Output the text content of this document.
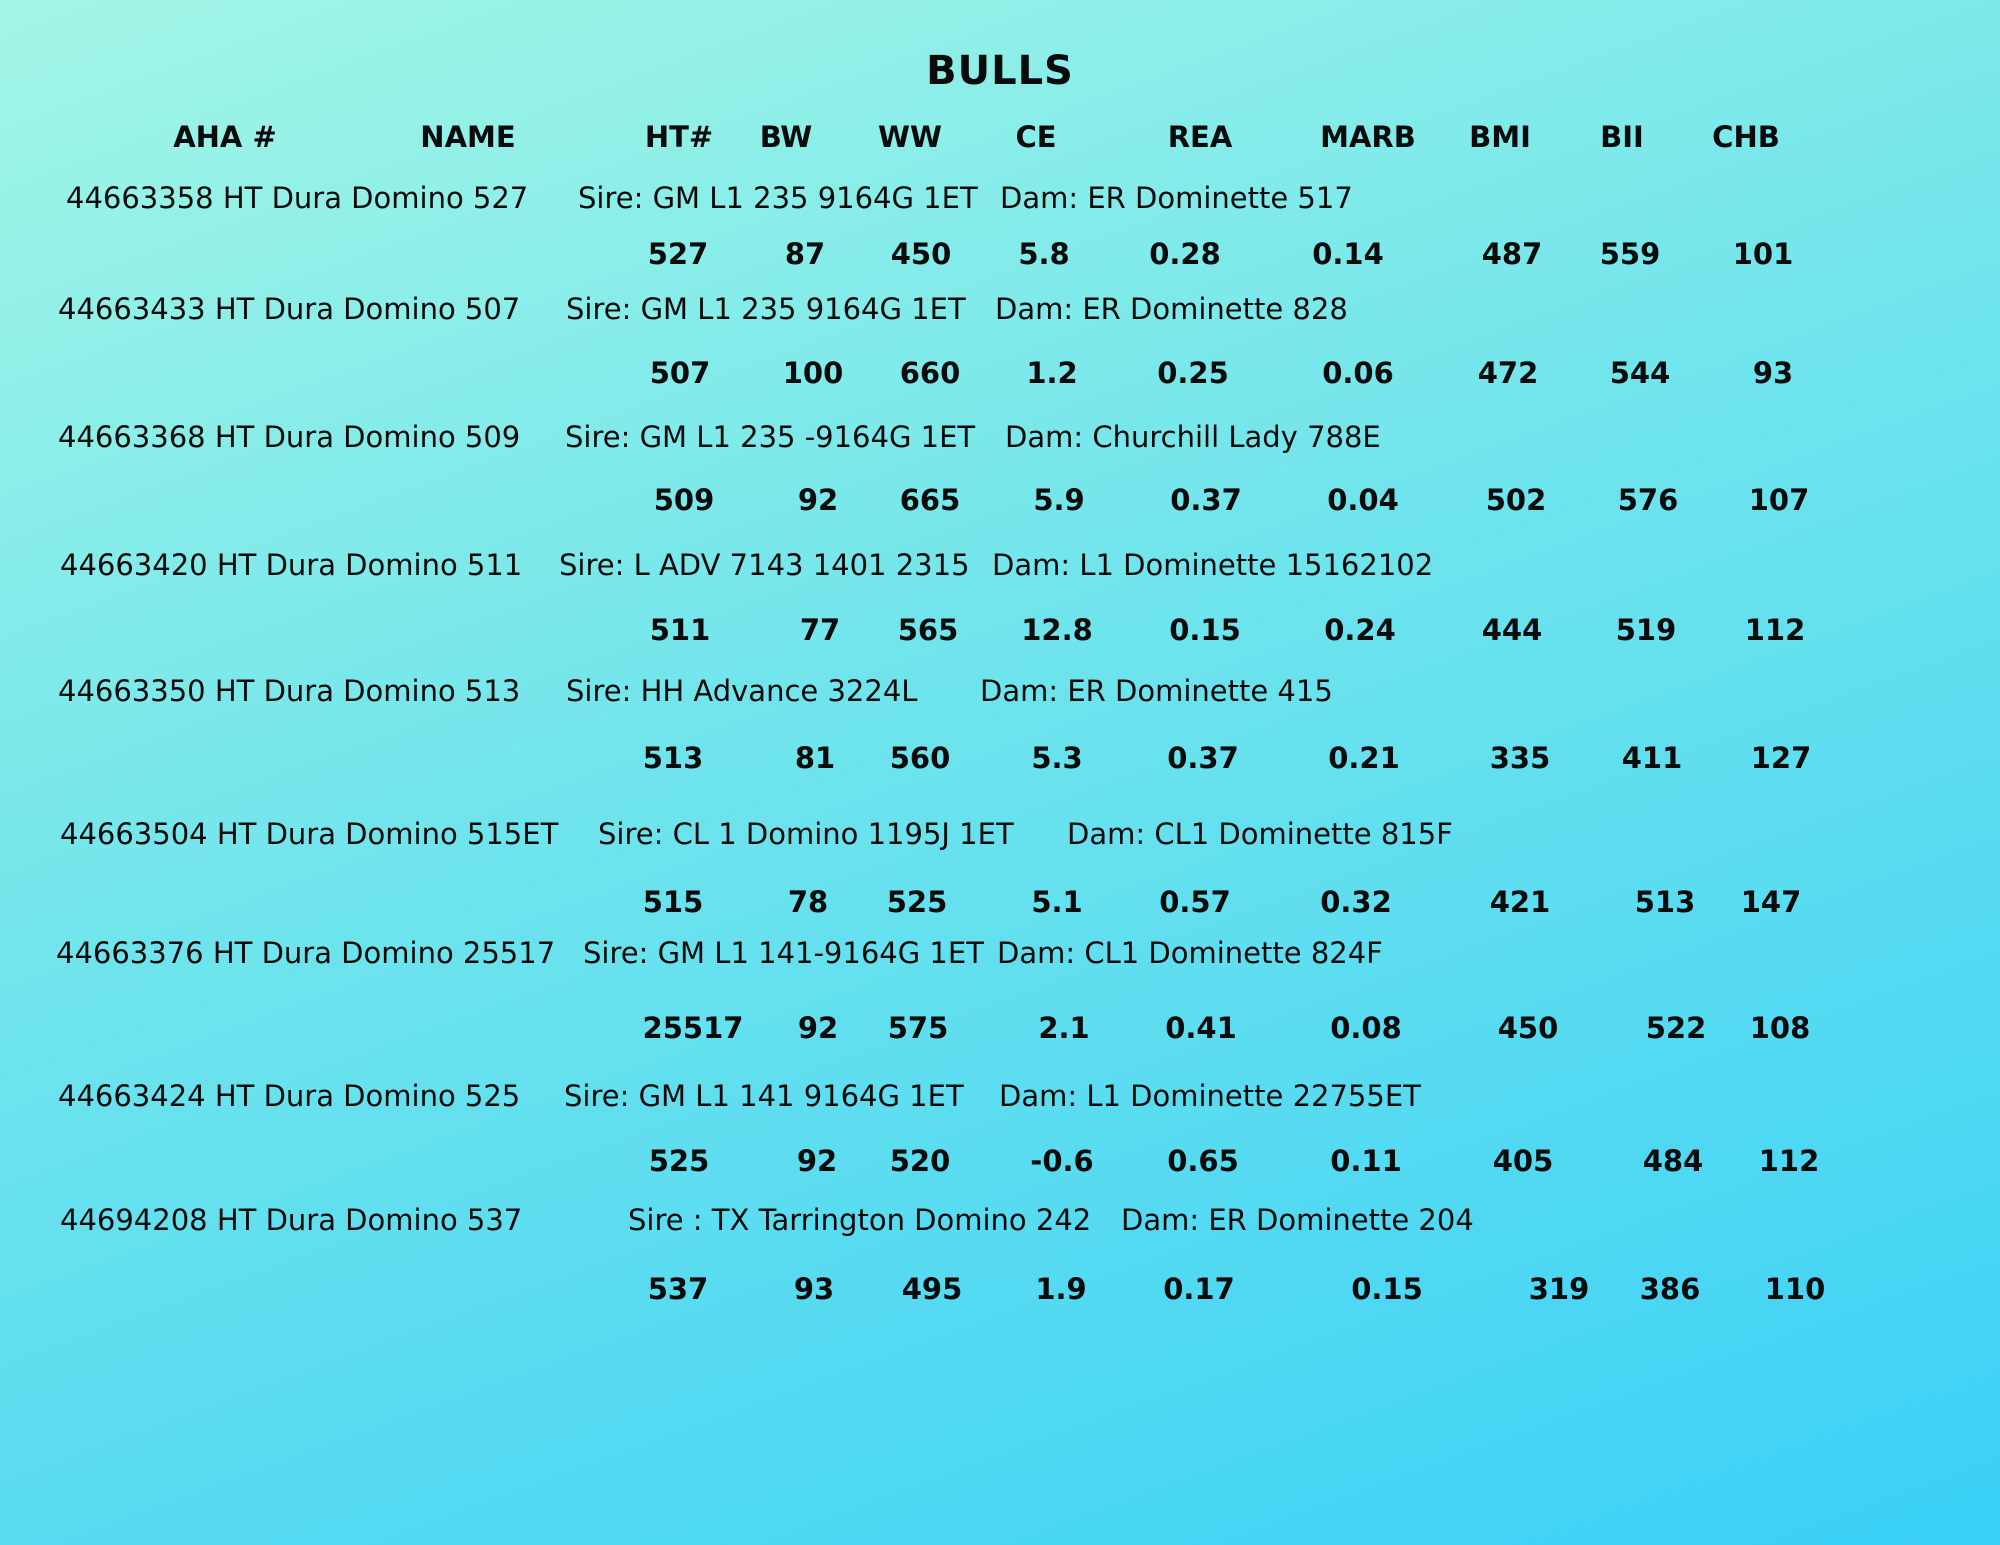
BULLS
AHA #	NAME	HT# BW WW	CE	REA	MARB BMI BII CHB
44663358 HT Dura Domino 527 Sire: GM L1 235 9164G 1ET Dam: ER Dominette 517
527	87 450 5.8	0.28	0.14	487 559 101
44663433 HT Dura Domino 507 Sire: GM L1 235 9164G 1ET Dam: ER Dominette 828
507 100 660 1.2	0.25	0.06	472 544	93
44663368 HT Dura Domino 509 Sire: GM L1 235 -9164G 1ET Dam: Churchill Lady 788E
509	92 665	5.9	0.37	0.04	502 576 107
44663420 HT Dura Domino 511 Sire: L ADV 7143 1401 2315 Dam: L1 Dominette 15162102
511	77 565 12.8	0.15	0.24	444	519 112
44663350 HT Dura Domino 513 Sire: HH Advance 3224L Dam: ER Dominette 415
513	81 560	5.3	0.37	0.21	335 411 127
44663504 HT Dura Domino 515ET Sire: CL 1 Domino 1195J 1ET Dam: CL1 Dominette 815F
515	78 525	5.1	0.57	0.32	421	513 147
44663376 HT Dura Domino 25517 Sire: GM L1 141-9164G 1ET Dam: CL1 Dominette 824F
25517 92 575	2.1	0.41	0.08	450	522 108
44663424 HT Dura Domino 525 Sire: GM L1 141 9164G 1ET Dam: L1 Dominette 22755ET
525	92 520	-0.6	0.65	0.11	405	484 112
44694208 HT Dura Domino 537	Sire : TX Tarrington Domino 242 Dam: ER Dominette 204
537	93 495	1.9	0.17	0.15	319 386 110
